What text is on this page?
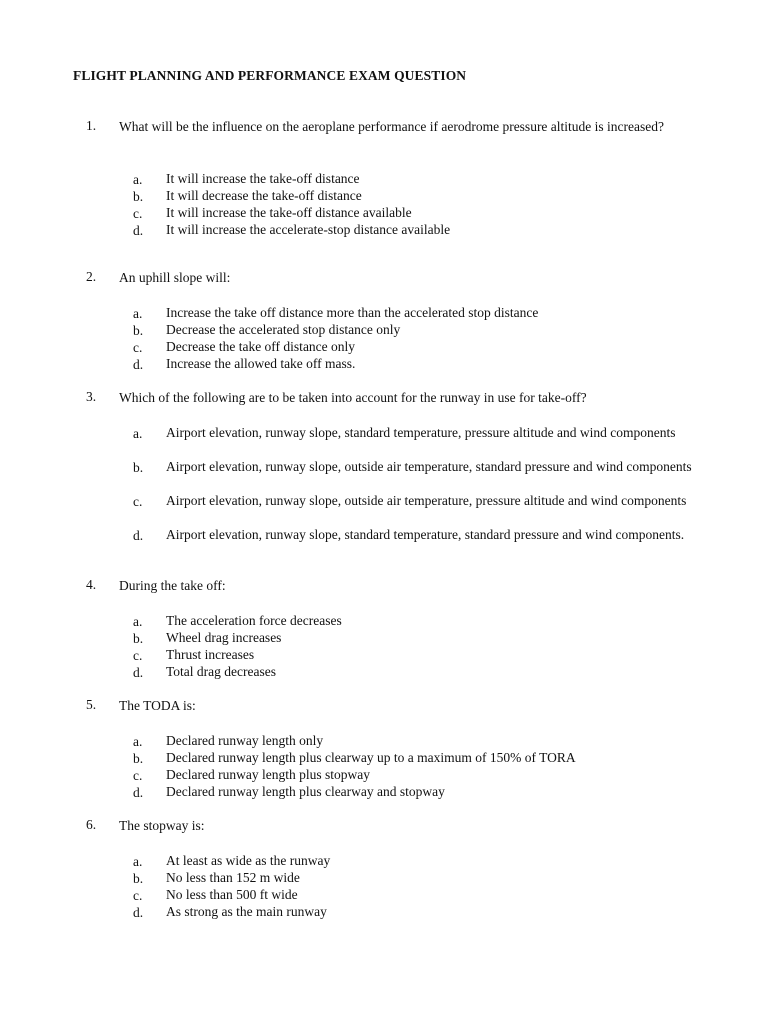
FLIGHT PLANNING AND PERFORMANCE EXAM QUESTION
1. What will be the influence on the aeroplane performance if aerodrome pressure altitude is increased?
a. It will increase the take-off distance
b. It will decrease the take-off distance
c. It will increase the take-off distance available
d. It will increase the accelerate-stop distance available
2. An uphill slope will:
a. Increase the take off distance more than the accelerated stop distance
b. Decrease the accelerated stop distance only
c. Decrease the take off distance only
d. Increase the allowed take off mass.
3. Which of the following are to be taken into account for the runway in use for take-off?
a. Airport elevation, runway slope, standard temperature, pressure altitude and wind components
b. Airport elevation, runway slope, outside air temperature, standard pressure and wind components
c. Airport elevation, runway slope, outside air temperature, pressure altitude and wind components
d. Airport elevation, runway slope, standard temperature, standard pressure and wind components.
4. During the take off:
a. The acceleration force decreases
b. Wheel drag increases
c. Thrust increases
d. Total drag decreases
5. The TODA is:
a. Declared runway length only
b. Declared runway length plus clearway up to a maximum of 150% of TORA
c. Declared runway length plus stopway
d. Declared runway length plus clearway and stopway
6. The stopway is:
a. At least as wide as the runway
b. No less than 152 m wide
c. No less than 500 ft wide
d. As strong as the main runway
